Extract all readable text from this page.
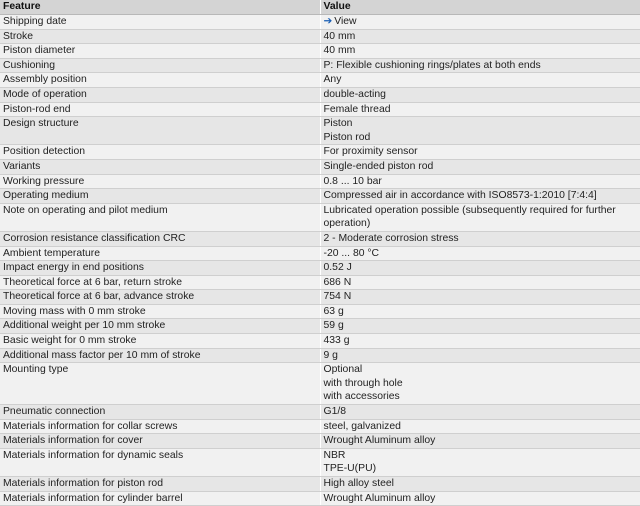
Feature	Value
Shipping date	➔ View

Stroke	40 mm

Piston diameter	40 mm

Cushioning	P: Flexible cushioning rings/plates at both ends

Assembly position	Any

Mode of operation	double-acting

Piston-rod end	Female thread

Design structure	Piston
Piston rod

Position detection	For proximity sensor

Variants	Single-ended piston rod

Working pressure	0.8 ... 10 bar

Operating medium	Compressed air in accordance with ISO8573-1:2010 [7:4:4]

Note on operating and pilot medium	Lubricated operation possible (subsequently required for further
operation)

Corrosion resistance classification CRC	2 - Moderate corrosion stress

Ambient temperature	-20 ... 80 °C

Impact energy in end positions	0.52 J

Theoretical force at 6 bar, return stroke	686 N

Theoretical force at 6 bar, advance stroke	754 N

Moving mass with 0 mm stroke	63 g

Additional weight per 10 mm stroke	59 g

Basic weight for 0 mm stroke	433 g

Additional mass factor per 10 mm of stroke	9 g

Mounting type	Optional
with through hole
with accessories

Pneumatic connection	G1/8

Materials information for collar screws	steel, galvanized

Materials information for cover	Wrought Aluminum alloy

Materials information for dynamic seals	NBR
TPE-U(PU)

Materials information for piston rod	High alloy steel

Materials information for cylinder barrel	Wrought Aluminum alloy
